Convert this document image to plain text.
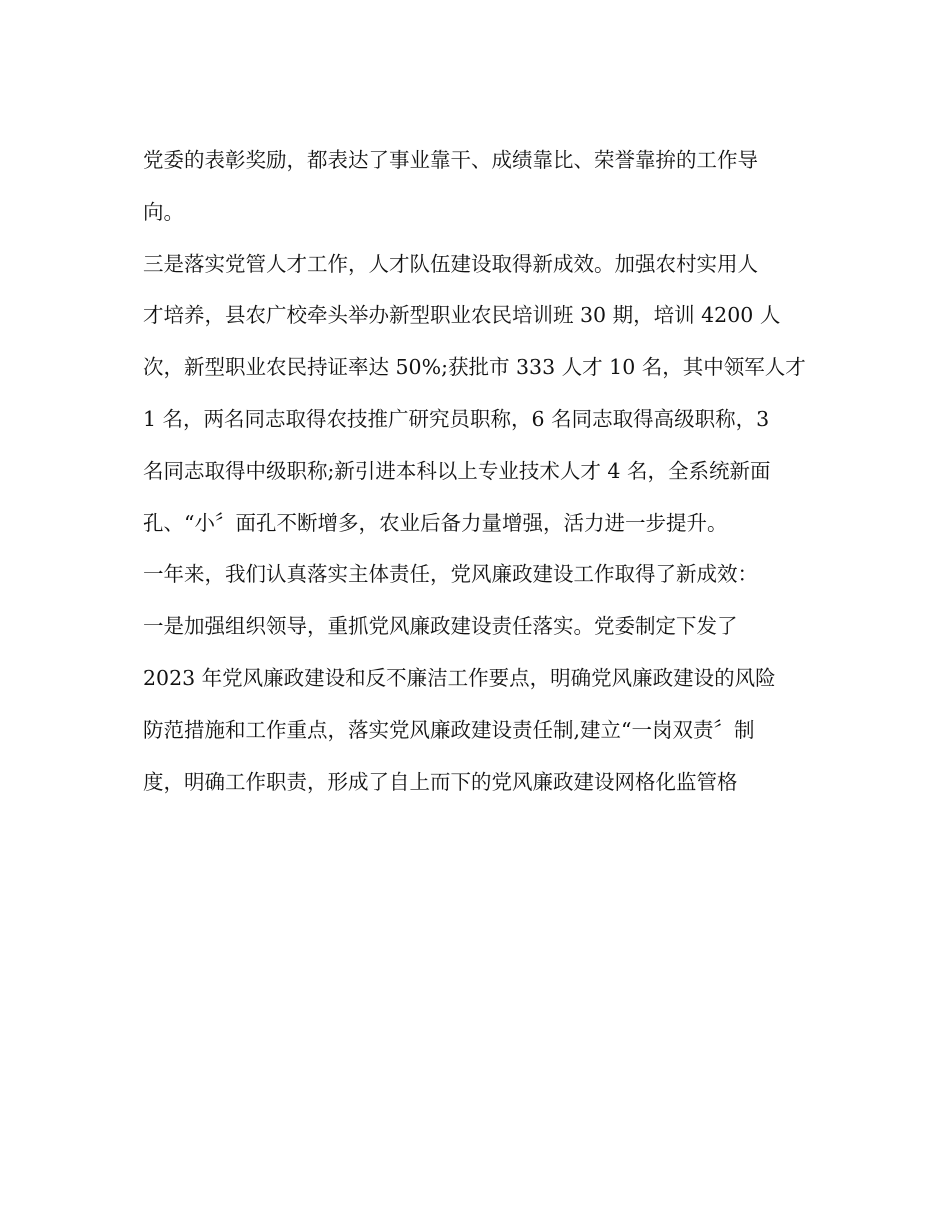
党委的表彰奖励，都表达了事业靠干、成绩靠比、荣誉靠拚的工作导
向。
三是落实党管人才工作，人才队伍建设取得新成效。加强农村实用人
才培养，县农广校牵头举办新型职业农民培训班 30 期，培训 4200 人
次，新型职业农民持证率达 50%;获批市 333 人才 10 名，其中领军人才
1 名，两名同志取得农技推广研究员职称，6 名同志取得高级职称，3
名同志取得中级职称;新引进本科以上专业技术人才 4 名，全系统新面
孔、“小〞面孔不断增多，农业后备力量增强，活力进一步提升。
一年来，我们认真落实主体责任，党风廉政建设工作取得了新成效：
一是加强组织领导，重抓党风廉政建设责任落实。党委制定下发了
2023 年党风廉政建设和反不廉洁工作要点，明确党风廉政建设的风险
防范措施和工作重点，落实党风廉政建设责任制,建立“一岗双责〞制
度，明确工作职责，形成了自上而下的党风廉政建设网格化监管格
